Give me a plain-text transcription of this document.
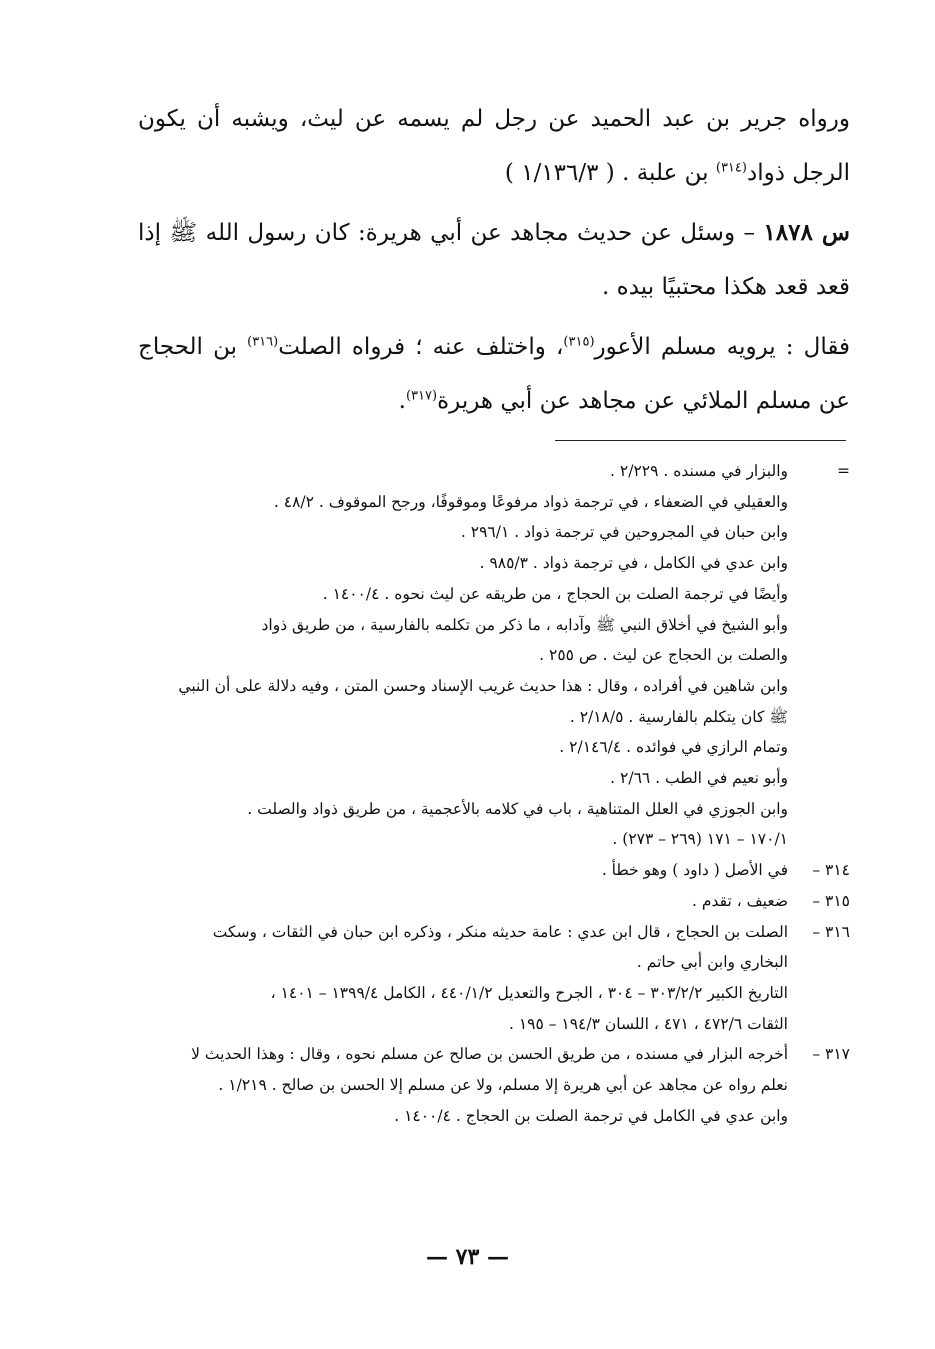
ورواه جرير بن عبد الحميد عن رجل لم يسمه عن ليث، ويشبه أن يكون الرجل ذواد$^{(٣١٤)}$ بن علبة . ( ١/١٣٦/٣ )

س ١٨٧٨ – وسئل عن حديث مجاهد عن أبي هريرة: كان رسول الله ﷺ إذا قعد قعد هكذا محتبيًا بيده .

فقال : يرويه مسلم الأعور$^{(٣١٥)}$، واختلف عنه ؛ فرواه الصلت$^{(٣١٦)}$ بن الحجاج عن مسلم الملائي عن مجاهد عن أبي هريرة$^{(٣١٧)}$.

=
والبزار في مسنده . ٢/٢٢٩ .
والعقيلي في الضعفاء ، في ترجمة ذواد مرفوعًا وموقوفًا، ورجح الموقوف . ٤٨/٢ .
وابن حبان في المجروحين في ترجمة ذواد . ٢٩٦/١ .
وابن عدي في الكامل ، في ترجمة ذواد . ٩٨٥/٣ .
وأيضًا في ترجمة الصلت بن الحجاج ، من طريقه عن ليث نحوه . ١٤٠٠/٤ .
وأبو الشيخ في أخلاق النبي ﷺ وآدابه ، ما ذكر من تكلمه بالفارسية ، من طريق ذواد
والصلت بن الحجاج عن ليث . ص ٢٥٥ .
وابن شاهين في أفراده ، وقال : هذا حديث غريب الإسناد وحسن المتن ، وفيه دلالة على أن النبي
ﷺ كان يتكلم بالفارسية . ٢/١٨/٥ .
وتمام الرازي في فوائده . ٢/١٤٦/٤ .
وأبو نعيم في الطب . ٢/٦٦ .
وابن الجوزي في العلل المتناهية ، باب في كلامه بالأعجمية ، من طريق ذواد والصلت .
١٧٠/١ – ١٧١ (٢٦٩ – ٢٧٣) .
٣١٤ –
في الأصل ( داود ) وهو خطأ .
٣١٥ –
ضعيف ، تقدم .
٣١٦ –
الصلت بن الحجاج ، قال ابن عدي : عامة حديثه منكر ، وذكره ابن حبان في الثقات ، وسكت
البخاري وابن أبي حاتم .
التاريخ الكبير ٣٠٣/٢/٢ – ٣٠٤ ، الجرح والتعديل ٤٤٠/١/٢ ، الكامل ١٣٩٩/٤ – ١٤٠١ ،
الثقات ٤٧٢/٦ ، ٤٧١ ، اللسان ١٩٤/٣ – ١٩٥ .
٣١٧ –
أخرجه البزار في مسنده ، من طريق الحسن بن صالح عن مسلم نحوه ، وقال : وهذا الحديث لا
نعلم رواه عن مجاهد عن أبي هريرة إلا مسلم، ولا عن مسلم إلا الحسن بن صالح . ١/٢١٩ .
وابن عدي في الكامل في ترجمة الصلت بن الحجاج . ١٤٠٠/٤ .
— ٧٣ —
